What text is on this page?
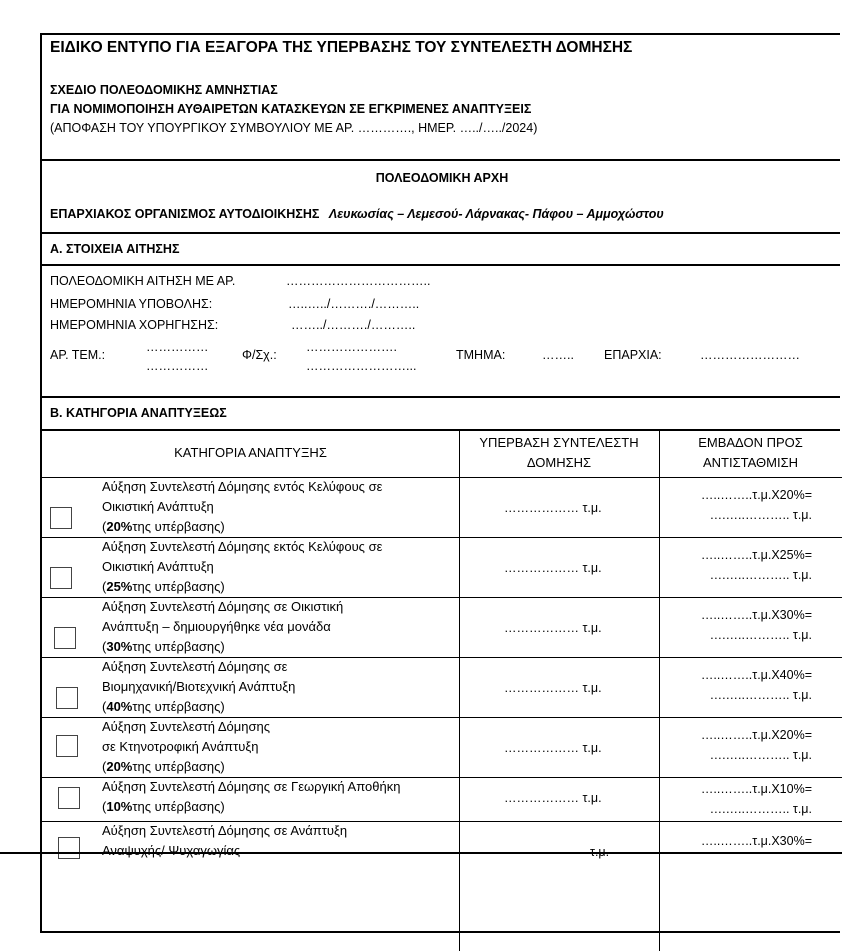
ΕΙΔΙΚΟ ΕΝΤΥΠΟ ΓΙΑ ΕΞΑΓΟΡΑ ΤΗΣ ΥΠΕΡΒΑΣΗΣ ΤΟΥ ΣΥΝΤΕΛΕΣΤΗ ΔΟΜΗΣΗΣ
ΣΧΕΔΙΟ ΠΟΛΕΟΔΟΜΙΚΗΣ ΑΜΝΗΣΤΙΑΣ
ΓΙΑ ΝΟΜΙΜΟΠΟΙΗΣΗ ΑΥΘΑΙΡΕΤΩΝ ΚΑΤΑΣΚΕΥΩΝ ΣΕ ΕΓΚΡΙΜΕΝΕΣ ΑΝΑΠΤΥΞΕΙΣ
(ΑΠΟΦΑΣΗ ΤΟΥ ΥΠΟΥΡΓΙΚΟΥ ΣΥΜΒΟΥΛΙΟΥ ΜΕ ΑΡ. …………., ΗΜΕΡ. …../…../2024)
ΠΟΛΕΟΔΟΜΙΚΗ ΑΡΧΗ
ΕΠΑΡΧΙΑΚΟΣ ΟΡΓΑΝΙΣΜΟΣ ΑΥΤΟΔΙΟΙΚΗΣΗΣ Λευκωσίας – Λεμεσού- Λάρνακας- Πάφου – Αμμοχώστου
Α. ΣΤΟΙΧΕΙΑ ΑΙΤΗΣΗΣ
ΠΟΛΕΟΔΟΜΙΚΗ ΑΙΤΗΣΗ ΜΕ ΑΡ.	……………………………..
ΗΜΕΡΟΜΗΝΙΑ ΥΠΟΒΟΛΗΣ:	…..…../………./………..
ΗΜΕΡΟΜΗΝΙΑ ΧΟΡΗΓΗΣΗΣ:	……../………./………..
ΑΡ. ΤΕΜ.:
……………
……………
Φ/Σχ.:
………………….
……………………...
ΤΜΗΜΑ:	…….. ΕΠΑΡΧΙΑ:	……………………
Β. ΚΑΤΗΓΟΡΙΑ ΑΝΑΠΤΥΞΕΩΣ
ΚΑΤΗΓΟΡΙΑ ΑΝΑΠΤΥΞΗΣ
ΥΠΕΡΒΑΣΗ ΣΥΝΤΕΛΕΣΤΗ
ΔΟΜΗΣΗΣ
ΕΜΒΑΔΟΝ ΠΡΟΣ
ΑΝΤΙΣΤΑΘΜΙΣΗ
Αύξηση Συντελεστή Δόμησης εντός Κελύφους σε
Οικιστική Ανάπτυξη
(20%της υπέρβασης)
……………… τ.μ.
…..……..τ.μ.Χ20%=
….…..……….. τ.μ.
Αύξηση Συντελεστή Δόμησης εκτός Κελύφους σε
Οικιστική Ανάπτυξη
(25%της υπέρβασης)
……………… τ.μ.
…..……..τ.μ.Χ25%=
….…..……….. τ.μ.
Αύξηση Συντελεστή Δόμησης σε Οικιστική
Ανάπτυξη – δημιουργήθηκε νέα μονάδα
(30%της υπέρβασης)
……………… τ.μ.
…..……..τ.μ.Χ30%=
….…..……….. τ.μ.
Αύξηση Συντελεστή Δόμησης σε
Βιομηχανική/Βιοτεχνική Ανάπτυξη
(40%της υπέρβασης)
……………… τ.μ.
…..……..τ.μ.Χ40%=
….…..……….. τ.μ.
Αύξηση Συντελεστή Δόμησης
σε Κτηνοτροφική Ανάπτυξη
(20%της υπέρβασης)
……………… τ.μ.
…..……..τ.μ.Χ20%=
….…..……….. τ.μ.
Αύξηση Συντελεστή Δόμησης σε Γεωργική Αποθήκη
(10%της υπέρβασης)
……………… τ.μ.
…..……..τ.μ.Χ10%=
….…..……….. τ.μ.
Αύξηση Συντελεστή Δόμησης σε Ανάπτυξη
Αναψυχής/ Ψυχαγωγίας	τ.μ.
…..……..τ.μ.Χ30%=
